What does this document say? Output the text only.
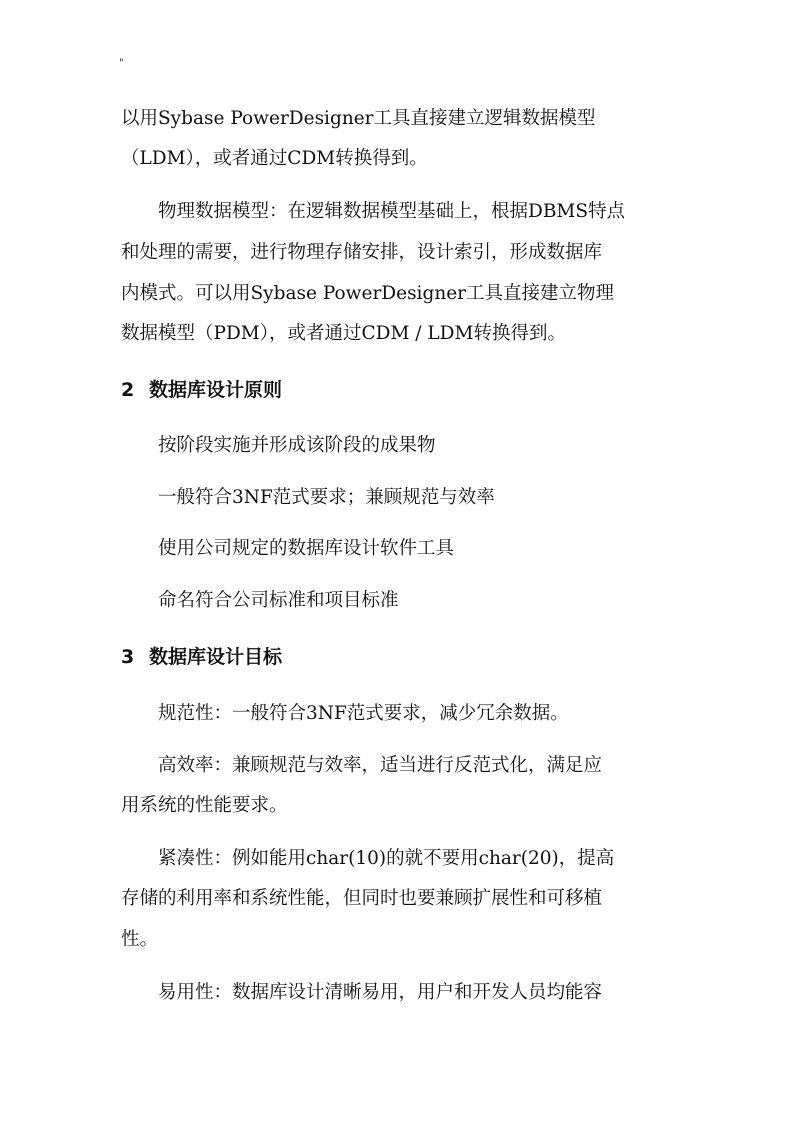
"
以用Sybase PowerDesigner工具直接建立逻辑数据模型
（LDM），或者通过CDM转换得到。
物理数据模型：在逻辑数据模型基础上，根据DBMS特点
和处理的需要，进行物理存储安排，设计索引，形成数据库
内模式。可以用Sybase PowerDesigner工具直接建立物理
数据模型（PDM），或者通过CDM / LDM转换得到。
2 数据库设计原则
按阶段实施并形成该阶段的成果物
一般符合3NF范式要求；兼顾规范与效率
使用公司规定的数据库设计软件工具
命名符合公司标准和项目标准
3 数据库设计目标
规范性：一般符合3NF范式要求，减少冗余数据。
高效率：兼顾规范与效率，适当进行反范式化，满足应
用系统的性能要求。
紧凑性：例如能用char(10)的就不要用char(20)，提高
存储的利用率和系统性能，但同时也要兼顾扩展性和可移植
性。
易用性：数据库设计清晰易用，用户和开发人员均能容
